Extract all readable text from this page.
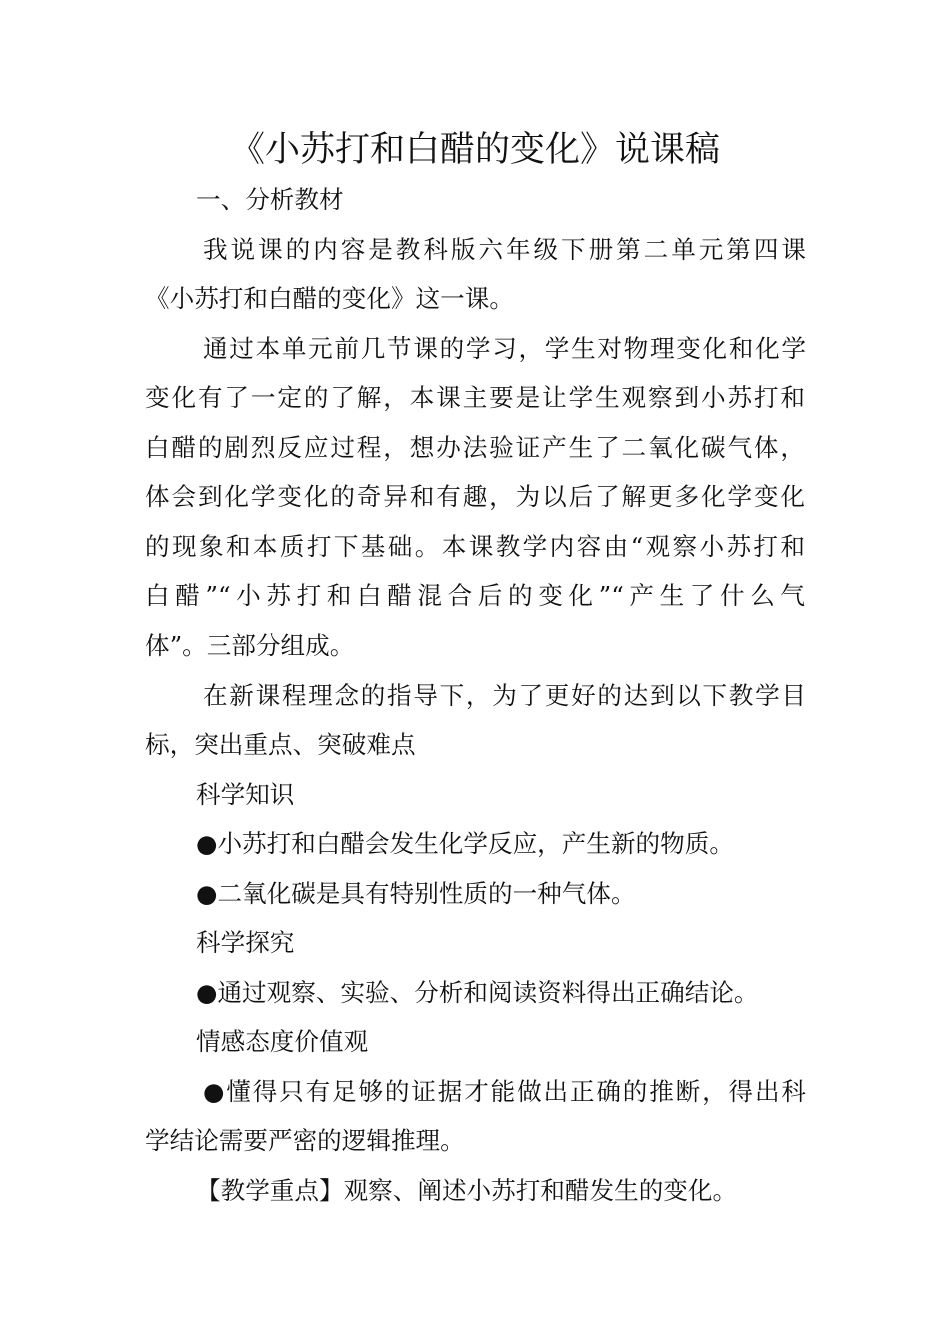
《小苏打和白醋的变化》说课稿

一、分析教材

我说课的内容是教科版六年级下册第二单元第四课

《小苏打和白醋的变化》这一课。

通过本单元前几节课的学习，学生对物理变化和化学

变化有了一定的了解，本课主要是让学生观察到小苏打和

白醋的剧烈反应过程，想办法验证产生了二氧化碳气体，

体会到化学变化的奇异和有趣，为以后了解更多化学变化

的现象和本质打下基础。本课教学内容由“观察小苏打和

白醋”“小苏打和白醋混合后的变化”“产生了什么气

体”。三部分组成。

在新课程理念的指导下，为了更好的达到以下教学目

标，突出重点、突破难点

科学知识

●小苏打和白醋会发生化学反应，产生新的物质。

●二氧化碳是具有特别性质的一种气体。

科学探究

●通过观察、实验、分析和阅读资料得出正确结论。

情感态度价值观

●懂得只有足够的证据才能做出正确的推断，得出科

学结论需要严密的逻辑推理。

【教学重点】观察、阐述小苏打和醋发生的变化。
